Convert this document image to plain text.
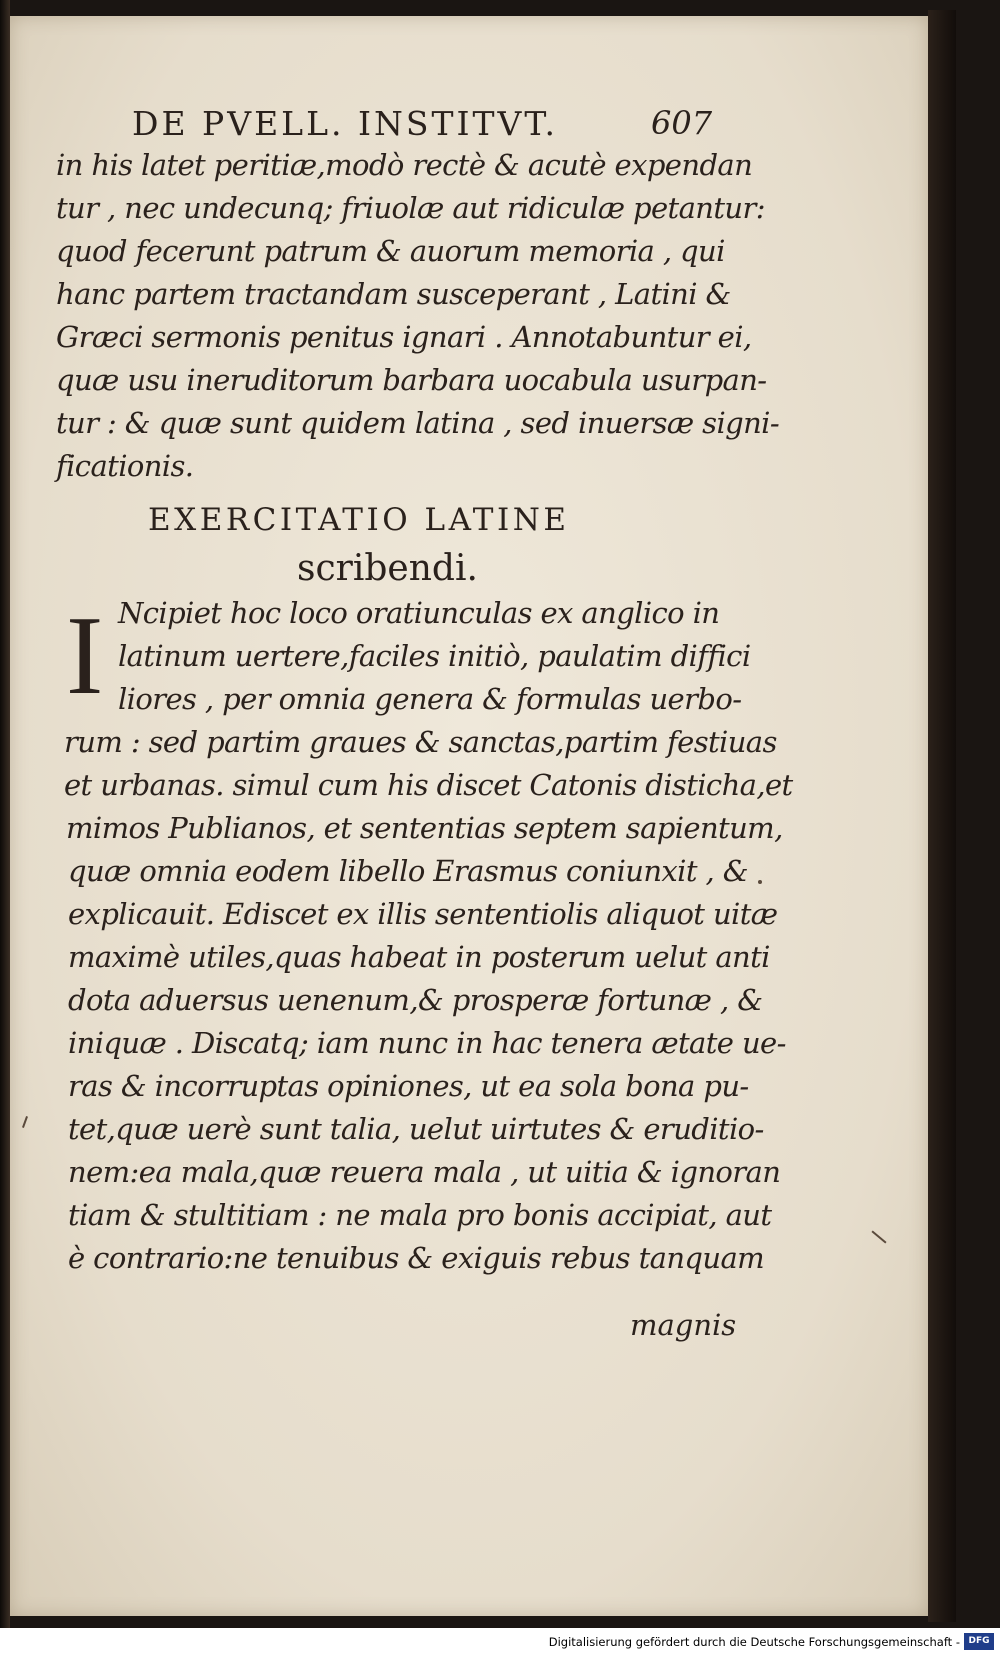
DE PVELL. INSTITVT.	607
in his latet peritiæ,modò rectè & acutè expendan
tur , nec undecunq; friuolæ aut ridiculæ petantur:
quod fecerunt patrum & auorum memoria , qui
hanc partem tractandam susceperant , Latini &
Græci sermonis penitus ignari . Annotabuntur ei,
quæ usu ineruditorum barbara uocabula usurpan-
tur : & quæ sunt quidem latina , sed inuersæ signi-
ficationis.
EXERCITATIO LATINE
scribendi.
I Ncipiet hoc loco oratiunculas ex anglico in
latinum uertere,faciles initiò, paulatim diffici
liores , per omnia genera & formulas uerbo-
rum : sed partim graues & sanctas,partim festiuas
et urbanas. simul cum his discet Catonis disticha,et
mimos Publianos, et sententias septem sapientum,
quæ omnia eodem libello Erasmus coniunxit , &
explicauit. Ediscet ex illis sententiolis aliquot uitæ
maximè utiles,quas habeat in posterum uelut anti
dota aduersus uenenum,& prosperæ fortunæ , &
iniquæ . Discatq; iam nunc in hac tenera ætate ue-
ras & incorruptas opiniones, ut ea sola bona pu-
tet,quæ uerè sunt talia, uelut uirtutes & eruditio-
nem:ea mala,quæ reuera mala , ut uitia & ignoran
tiam & stultitiam : ne mala pro bonis accipiat, aut
è contrario:ne tenuibus & exiguis rebus tanquam
magnis
Digitalisierung gefördert durch die Deutsche Forschungsgemeinschaft - DFG
